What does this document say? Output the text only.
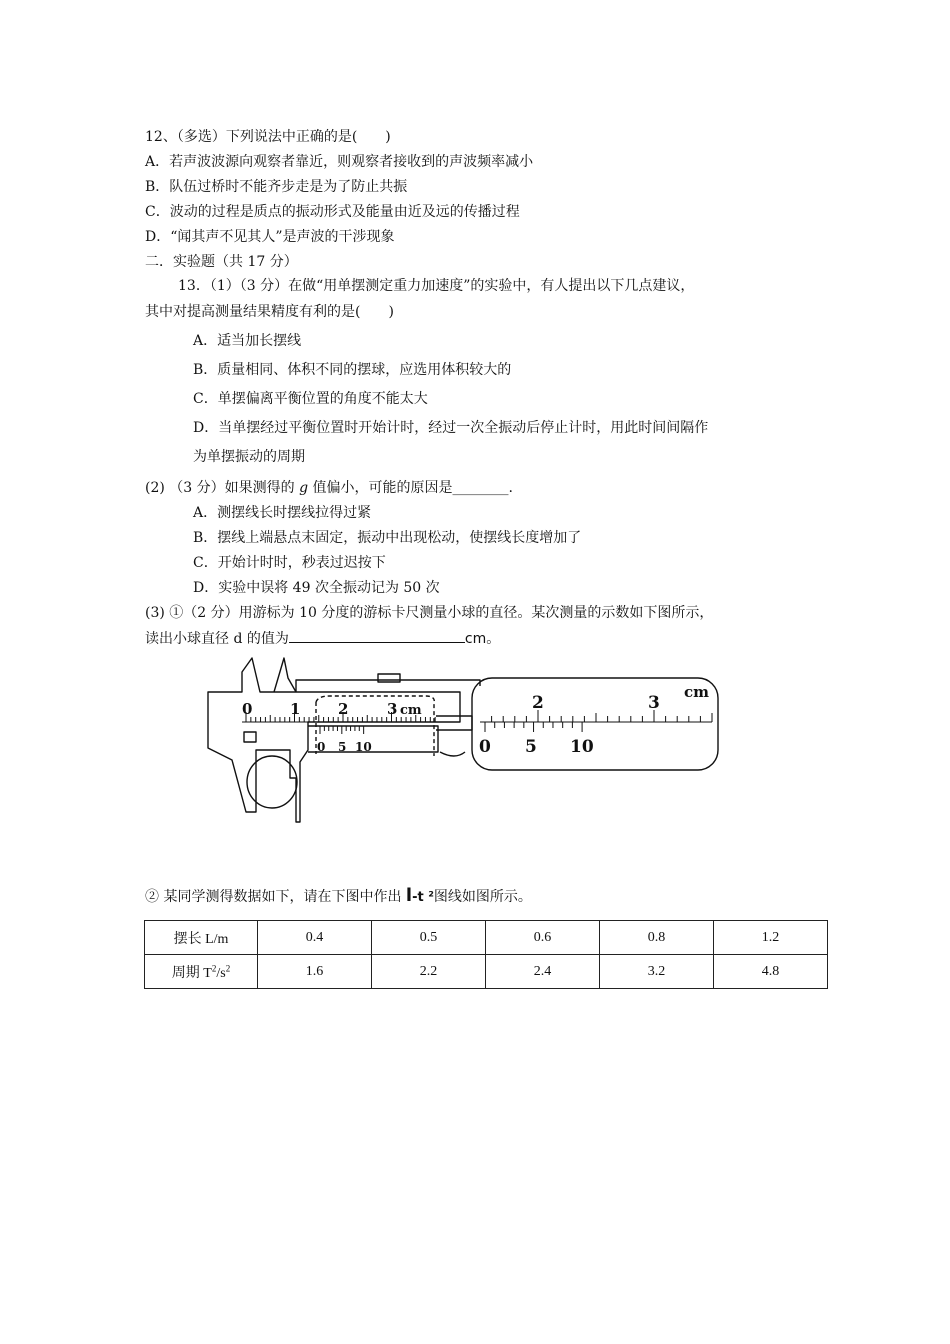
12、（多选）下列说法中正确的是(　　)
A．若声波波源向观察者靠近，则观察者接收到的声波频率减小
B．队伍过桥时不能齐步走是为了防止共振
C．波动的过程是质点的振动形式及能量由近及远的传播过程
D．“闻其声不见其人”是声波的干涉现象
二．实验题（共 17 分）
13．（1）（3 分）在做“用单摆测定重力加速度”的实验中，有人提出以下几点建议，
其中对提高测量结果精度有利的是(　　)
A．适当加长摆线
B．质量相同、体积不同的摆球，应选用体积较大的
C．单摆偏离平衡位置的角度不能太大
D．当单摆经过平衡位置时开始计时，经过一次全振动后停止计时，用此时间间隔作
为单摆振动的周期
(2) （3 分）如果测得的 g 值偏小，可能的原因是________.
A．测摆线长时摆线拉得过紧
B．摆线上端悬点末固定，振动中出现松动，使摆线长度增加了
C．开始计时时，秒表过迟按下
D．实验中误将 49 次全振动记为 50 次
(3) ①（2 分）用游标为 10 分度的游标卡尺测量小球的直径。某次测量的示数如下图所示，
读出小球直径 d 的值为	cm。
0	1	2	3 cm
0 5 10
2	3
cm
0 5 10
② 某同学测得数据如下，请在下图中作出 l-t ²图线如图所示。
摆长 L/m	0.4	0.5	0.6	0.8	1.2
周期 $T^2/s^2$	1.6	2.2	2.4	3.2	4.8
